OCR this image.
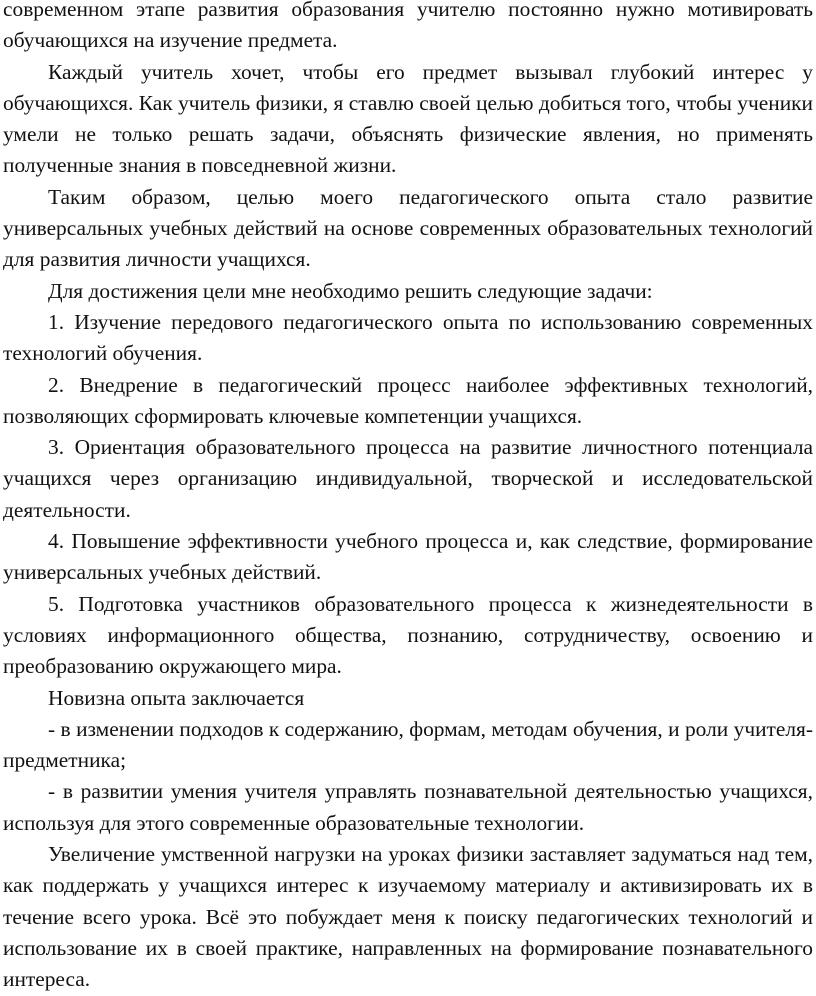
современном этапе развития образования учителю постоянно нужно мотивировать обучающихся на изучение предмета.

Каждый учитель хочет, чтобы его предмет вызывал глубокий интерес у обучающихся. Как учитель физики, я ставлю своей целью добиться того, чтобы ученики умели не только решать задачи, объяснять физические явления, но применять полученные знания в повседневной жизни.

Таким образом, целью моего педагогического опыта стало развитие универсальных учебных действий на основе современных образовательных технологий для развития личности учащихся.

Для достижения цели мне необходимо решить следующие задачи:

1. Изучение передового педагогического опыта по использованию современных технологий обучения.

2. Внедрение в педагогический процесс наиболее эффективных технологий, позволяющих сформировать ключевые компетенции учащихся.

3. Ориентация образовательного процесса на развитие личностного потенциала учащихся через организацию индивидуальной, творческой и исследовательской деятельности.

4. Повышение эффективности учебного процесса и, как следствие, формирование универсальных учебных действий.

5. Подготовка участников образовательного процесса к жизнедеятельности в условиях информационного общества, познанию, сотрудничеству, освоению и преобразованию окружающего мира.

Новизна опыта заключается

- в изменении подходов к содержанию, формам, методам обучения, и роли учителя-предметника;

- в развитии умения учителя управлять познавательной деятельностью учащихся, используя для этого современные образовательные технологии.

Увеличение умственной нагрузки на уроках физики заставляет задуматься над тем, как поддержать у учащихся интерес к изучаемому материалу и активизировать их в течение всего урока. Всё это побуждает меня к поиску педагогических технологий и использование их в своей практике, направленных на формирование познавательного интереса.
